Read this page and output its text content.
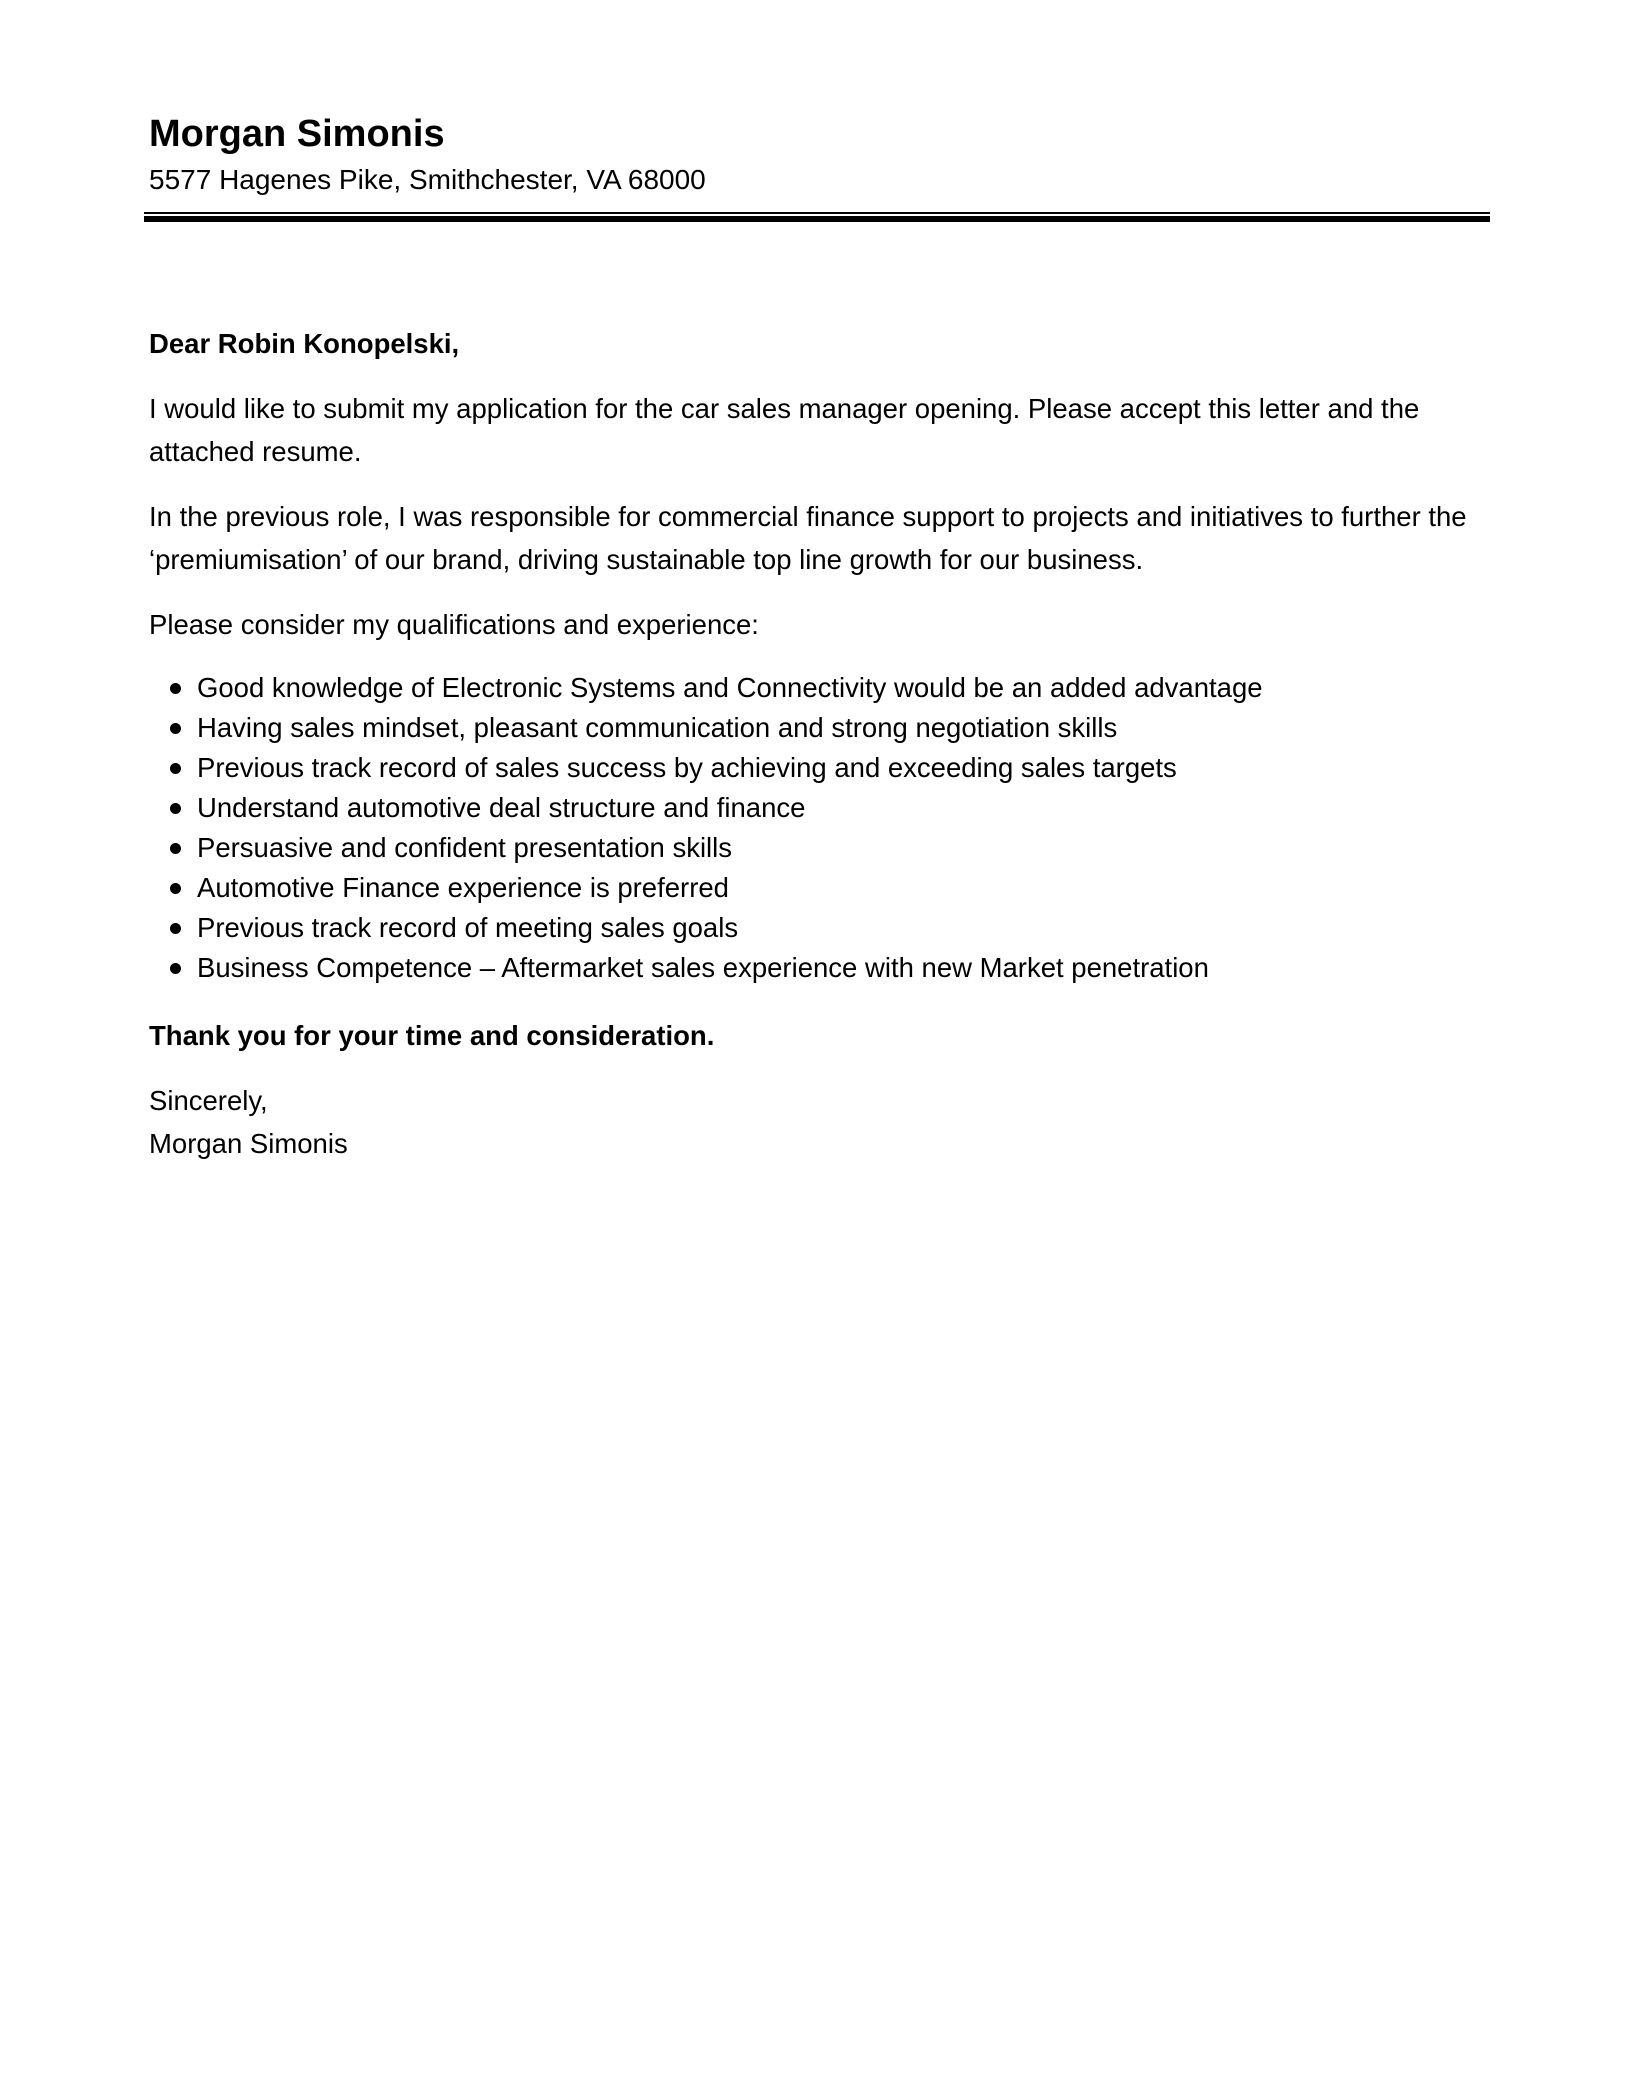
Morgan Simonis
5577 Hagenes Pike, Smithchester, VA 68000

Dear Robin Konopelski,

I would like to submit my application for the car sales manager opening. Please accept this letter and the attached resume.

In the previous role, I was responsible for commercial finance support to projects and initiatives to further the ‘premiumisation’ of our brand, driving sustainable top line growth for our business.

Please consider my qualifications and experience:

Good knowledge of Electronic Systems and Connectivity would be an added advantage
Having sales mindset, pleasant communication and strong negotiation skills
Previous track record of sales success by achieving and exceeding sales targets
Understand automotive deal structure and finance
Persuasive and confident presentation skills
Automotive Finance experience is preferred
Previous track record of meeting sales goals
Business Competence – Aftermarket sales experience with new Market penetration

Thank you for your time and consideration.

Sincerely,
Morgan Simonis
